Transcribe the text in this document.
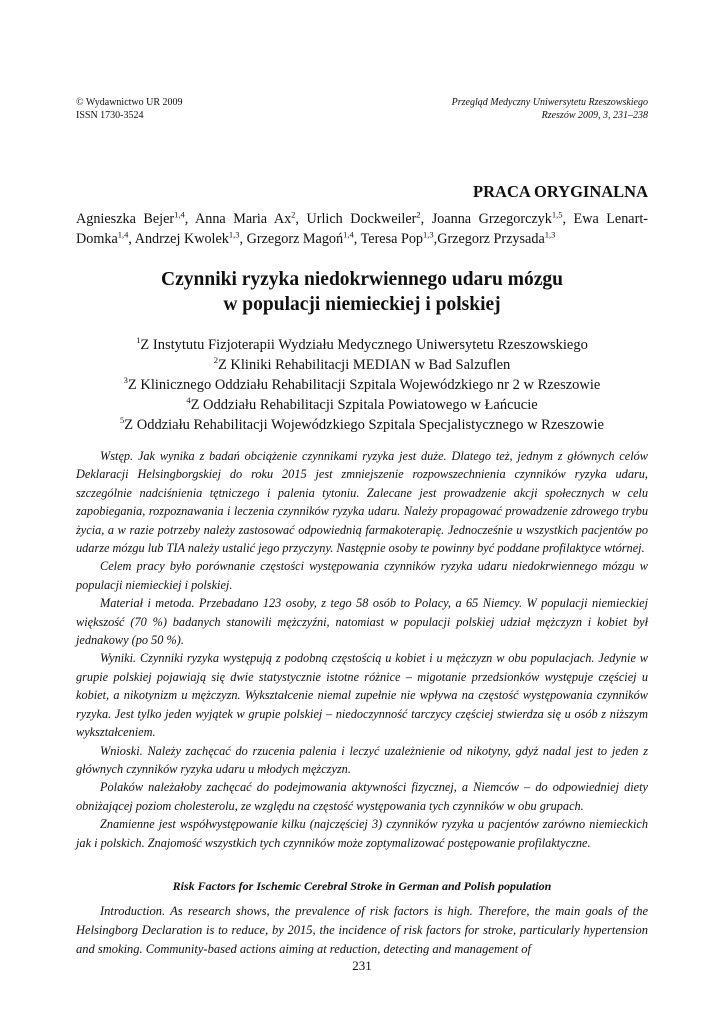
© Wydawnictwo UR 2009
ISSN 1730-3524
Przegląd Medyczny Uniwersytetu Rzeszowskiego
Rzeszów 2009, 3, 231–238
PRACA ORYGINALNA
Agnieszka Bejer$^{1,4}$, Anna Maria Ax$^2$, Urlich Dockweiler$^2$, Joanna Grzegorczyk$^{1,5}$, Ewa Lenart-Domka$^{1,4}$, Andrzej Kwolek$^{1,3}$, Grzegorz Magoń$^{1,4}$, Teresa Pop$^{1,3}$,Grzegorz Przysada$^{1,3}$
Czynniki ryzyka niedokrwiennego udaru mózgu
w populacji niemieckiej i polskiej
$^1$Z Instytutu Fizjoterapii Wydziału Medycznego Uniwersytetu Rzeszowskiego
$^2$Z Kliniki Rehabilitacji MEDIAN w Bad Salzuflen
$^3$Z Klinicznego Oddziału Rehabilitacji Szpitala Wojewódzkiego nr 2 w Rzeszowie
$^4$Z Oddziału Rehabilitacji Szpitala Powiatowego w Łańcucie
$^5$Z Oddziału Rehabilitacji Wojewódzkiego Szpitala Specjalistycznego w Rzeszowie

Wstęp. Jak wynika z badań obciążenie czynnikami ryzyka jest duże. Dlatego też, jednym z głównych celów Deklaracji Helsingborgskiej do roku 2015 jest zmniejszenie rozpowszechnienia czynników ryzyka udaru, szczególnie nadciśnienia tętniczego i palenia tytoniu. Zalecane jest prowadzenie akcji społecznych w celu zapobiegania, rozpoznawania i leczenia czynników ryzyka udaru. Należy propagować prowadzenie zdrowego trybu życia, a w razie potrzeby należy zastosować odpowiednią farmakoterapię. Jednocześnie u wszystkich pacjentów po udarze mózgu lub TIA należy ustalić jego przyczyny. Następnie osoby te powinny być poddane profilaktyce wtórnej.

Celem pracy było porównanie częstości występowania czynników ryzyka udaru niedokrwiennego mózgu w populacji niemieckiej i polskiej.

Materiał i metoda. Przebadano 123 osoby, z tego 58 osób to Polacy, a 65 Niemcy. W populacji niemieckiej większość (70 %) badanych stanowili mężczyźni, natomiast w populacji polskiej udział mężczyzn i kobiet był jednakowy (po 50 %).

Wyniki. Czynniki ryzyka występują z podobną częstością u kobiet i u mężczyzn w obu populacjach. Jedynie w grupie polskiej pojawiają się dwie statystycznie istotne różnice – migotanie przedsionków występuje częściej u kobiet, a nikotynizm u mężczyzn. Wykształcenie niemal zupełnie nie wpływa na częstość występowania czynników ryzyka. Jest tylko jeden wyjątek w grupie polskiej – niedoczynność tarczycy częściej stwierdza się u osób z niższym wykształceniem.

Wnioski. Należy zachęcać do rzucenia palenia i leczyć uzależnienie od nikotyny, gdyż nadal jest to jeden z głównych czynników ryzyka udaru u młodych mężczyzn.

Polaków należałoby zachęcać do podejmowania aktywności fizycznej, a Niemców – do odpowiedniej diety obniżającej poziom cholesterolu, ze względu na częstość występowania tych czynników w obu grupach.

Znamienne jest współwystępowanie kilku (najczęściej 3) czynników ryzyka u pacjentów zarówno niemieckich jak i polskich. Znajomość wszystkich tych czynników może zoptymalizować postępowanie profilaktyczne.

Risk Factors for Ischemic Cerebral Stroke in German and Polish population

Introduction. As research shows, the prevalence of risk factors is high. Therefore, the main goals of the Helsingborg Declaration is to reduce, by 2015, the incidence of risk factors for stroke, particularly hypertension and smoking. Community-based actions aiming at reduction, detecting and management of

231
